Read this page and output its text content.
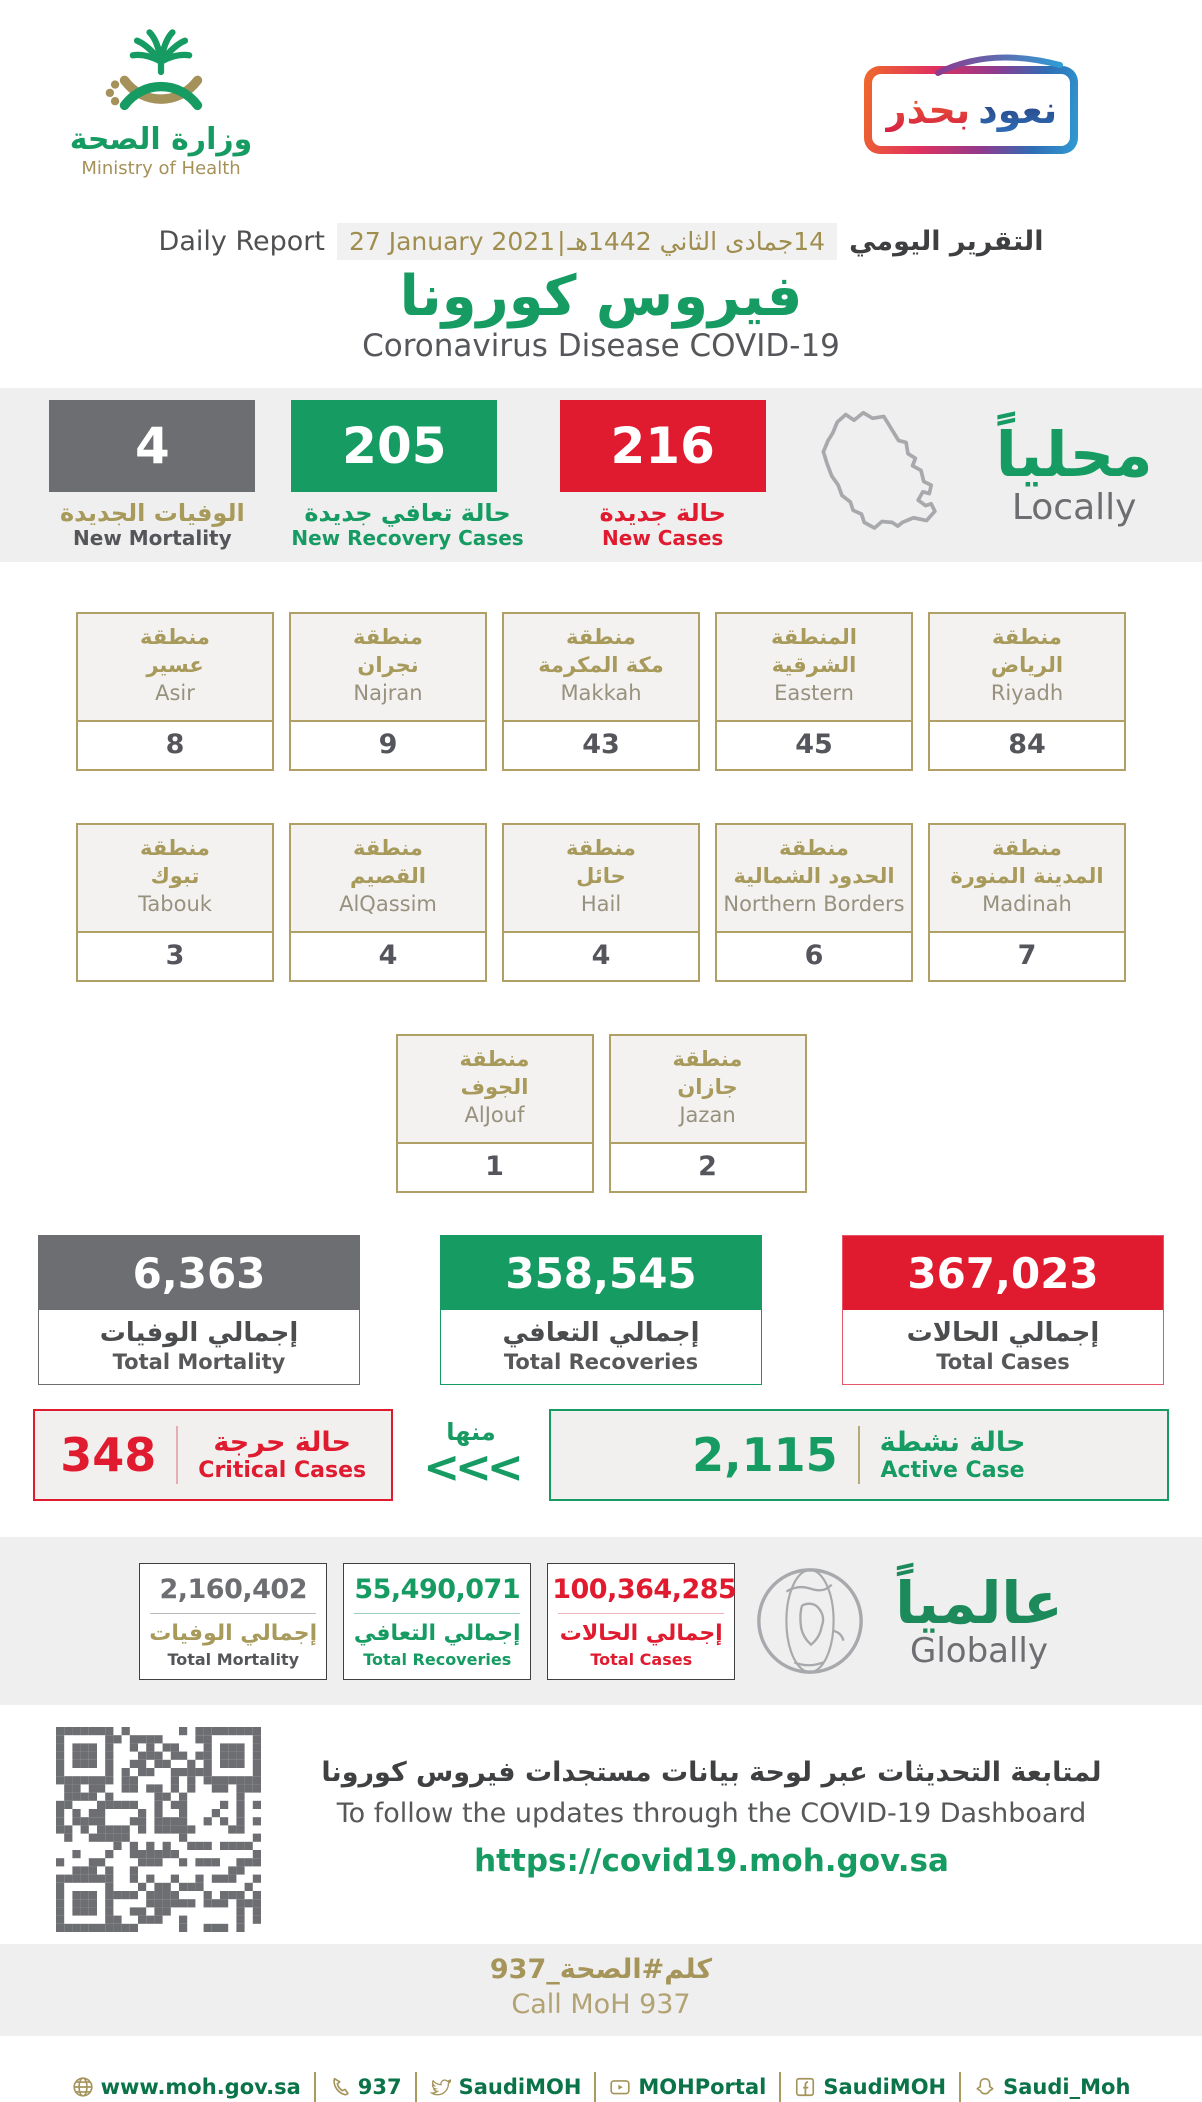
وزارة الصحة
Ministry of Health
نعود
بحذر
Daily Report 27 January 2021 | 14جمادى الثاني 1442هـ التقرير اليومي
فيروس كورونا
Coronavirus Disease COVID-19
4
الوفيات الجديدة
New Mortality
205
حالة تعافي جديدة
New Recovery Cases
216
حالة جديدة
New Cases
محلياً
Locally
منطقة
عسير
Asir
8
منطقة
نجران
Najran
9
منطقة
مكة المكرمة
Makkah
43
المنطقة
الشرقية
Eastern
45
منطقة
الرياض
Riyadh
84
منطقة
تبوك
Tabouk
3
منطقة
القصيم
AlQassim
4
منطقة
حائل
Hail
4
منطقة
الحدود الشمالية
Northern Borders
6
منطقة
المدينة المنورة
Madinah
7
منطقة
الجوف
AlJouf
1
منطقة
جازان
Jazan
2
6,363
إجمالي الوفيات
Total Mortality
358,545
إجمالي التعافي
Total Recoveries
367,023
إجمالي الحالات
Total Cases
348	حالة حرجة
Critical Cases
منها
<<<	2,115 حالة نشطة
Active Case
2,160,402
إجمالي الوفيات
Total Mortality
55,490,071
إجمالي التعافي
Total Recoveries
100,364,285
إجمالي الحالات
Total Cases
عالمياً
Globally
لمتابعة التحديثات عبر لوحة بيانات مستجدات فيروس كورونا
To follow the updates through the COVID-19 Dashboard
https://covid19.moh.gov.sa
كلم#الصحة_937
Call MoH 937
www.moh.gov.sa	937	SaudiMOH	MOHPortal	SaudiMOH	Saudi_Moh
